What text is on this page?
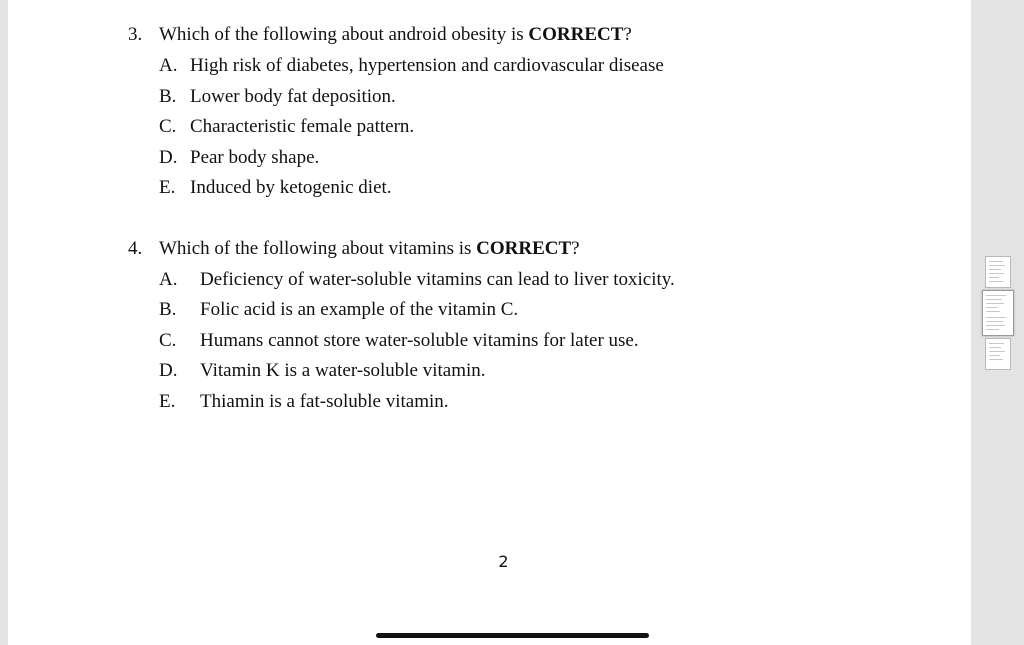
3. Which of the following about android obesity is CORRECT?
A. High risk of diabetes, hypertension and cardiovascular disease
B. Lower body fat deposition.
C. Characteristic female pattern.
D. Pear body shape.
E. Induced by ketogenic diet.
4. Which of the following about vitamins is CORRECT?
A. Deficiency of water-soluble vitamins can lead to liver toxicity.
B. Folic acid is an example of the vitamin C.
C. Humans cannot store water-soluble vitamins for later use.
D. Vitamin K is a water-soluble vitamin.
E. Thiamin is a fat-soluble vitamin.
2
